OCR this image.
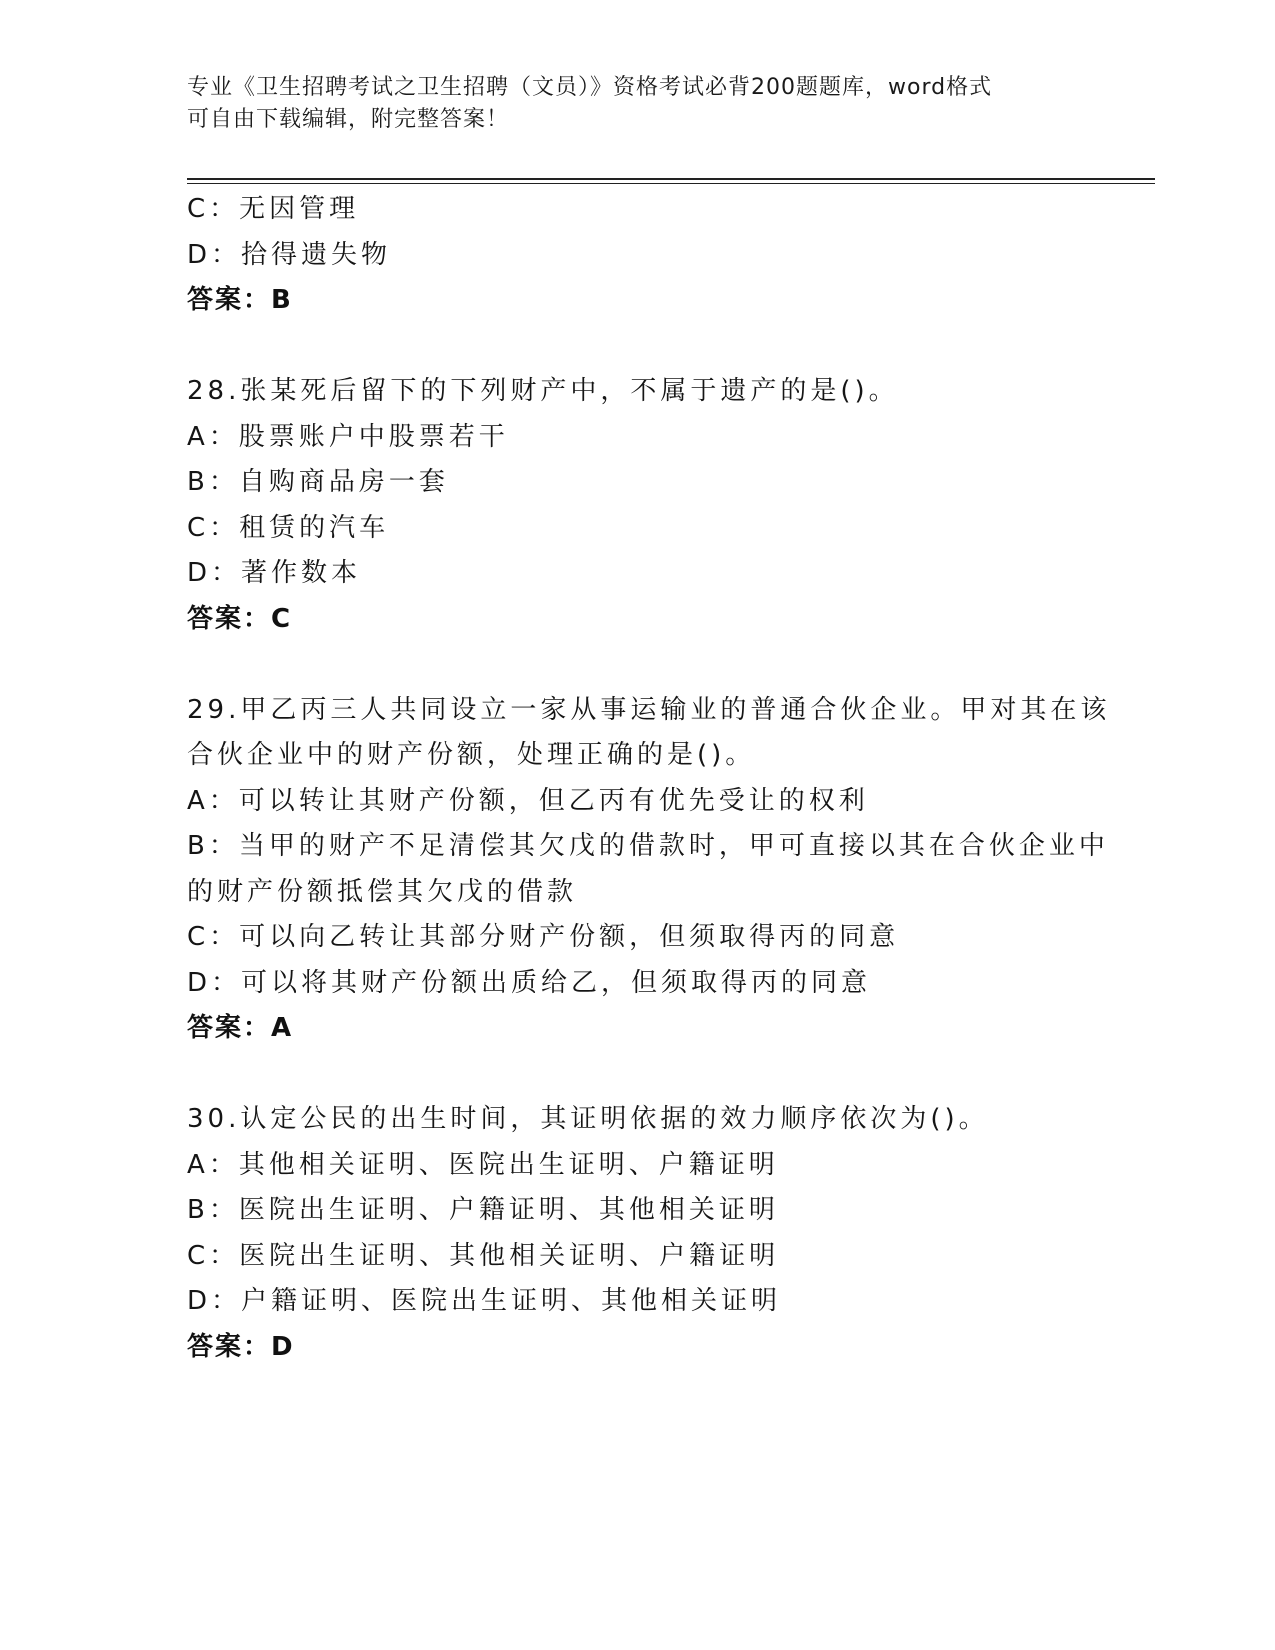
专业《卫生招聘考试之卫生招聘（文员）》资格考试必背200题题库，word格式
可自由下载编辑，附完整答案！
C：无因管理
D：拾得遗失物
答案：B
28.张某死后留下的下列财产中，不属于遗产的是()。
A：股票账户中股票若干
B：自购商品房一套
C：租赁的汽车
D：著作数本
答案：C
29.甲乙丙三人共同设立一家从事运输业的普通合伙企业。甲对其在该
合伙企业中的财产份额，处理正确的是()。
A：可以转让其财产份额，但乙丙有优先受让的权利
B：当甲的财产不足清偿其欠戊的借款时，甲可直接以其在合伙企业中
的财产份额抵偿其欠戊的借款
C：可以向乙转让其部分财产份额，但须取得丙的同意
D：可以将其财产份额出质给乙，但须取得丙的同意
答案：A
30.认定公民的出生时间，其证明依据的效力顺序依次为()。
A：其他相关证明、医院出生证明、户籍证明
B：医院出生证明、户籍证明、其他相关证明
C：医院出生证明、其他相关证明、户籍证明
D：户籍证明、医院出生证明、其他相关证明
答案：D
